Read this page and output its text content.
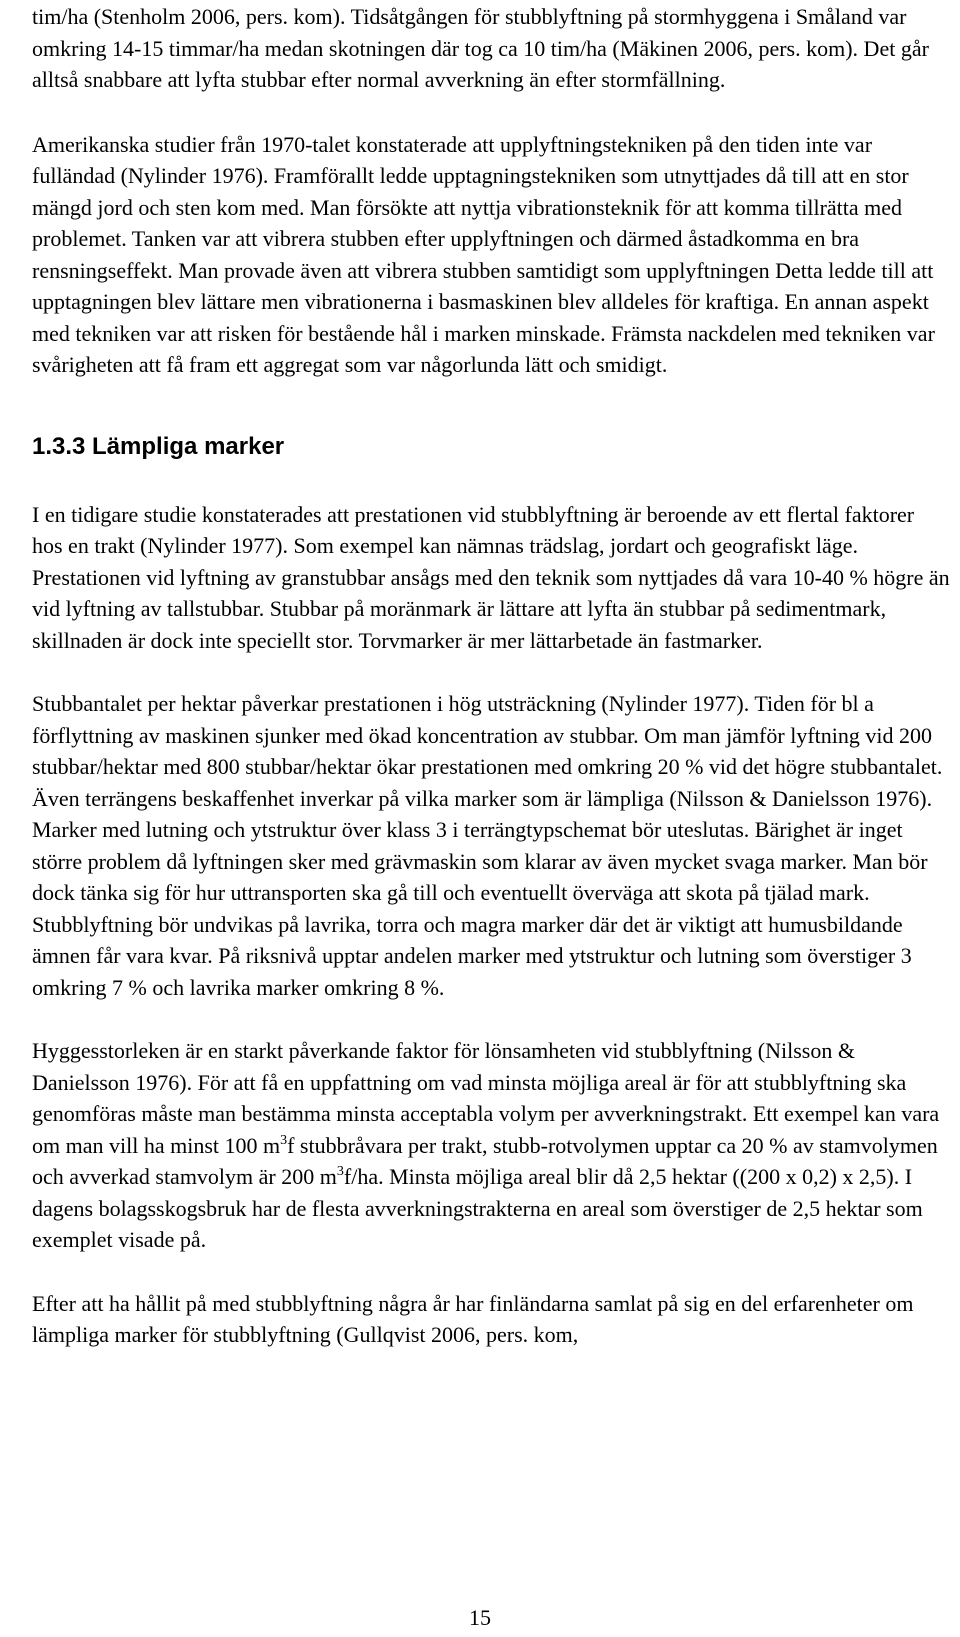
tim/ha (Stenholm 2006, pers. kom). Tidsåtgången för stubblyftning på stormhyggena i Småland var omkring 14-15 timmar/ha medan skotningen där tog ca 10 tim/ha (Mäkinen 2006, pers. kom). Det går alltså snabbare att lyfta stubbar efter normal avverkning än efter stormfällning.

Amerikanska studier från 1970-talet konstaterade att upplyftningstekniken på den tiden inte var fulländad (Nylinder 1976). Framförallt ledde upptagningstekniken som utnyttjades då till att en stor mängd jord och sten kom med. Man försökte att nyttja vibrationsteknik för att komma tillrätta med problemet. Tanken var att vibrera stubben efter upplyftningen och därmed åstadkomma en bra rensningseffekt. Man provade även att vibrera stubben samtidigt som upplyftningen Detta ledde till att upptagningen blev lättare men vibrationerna i basmaskinen blev alldeles för kraftiga. En annan aspekt med tekniken var att risken för bestående hål i marken minskade. Främsta nackdelen med tekniken var svårigheten att få fram ett aggregat som var någorlunda lätt och smidigt.

1.3.3 Lämpliga marker

I en tidigare studie konstaterades att prestationen vid stubblyftning är beroende av ett flertal faktorer hos en trakt (Nylinder 1977). Som exempel kan nämnas trädslag, jordart och geografiskt läge. Prestationen vid lyftning av granstubbar ansågs med den teknik som nyttjades då vara 10-40 % högre än vid lyftning av tallstubbar. Stubbar på moränmark är lättare att lyfta än stubbar på sedimentmark, skillnaden är dock inte speciellt stor. Torvmarker är mer lättarbetade än fastmarker.

Stubbantalet per hektar påverkar prestationen i hög utsträckning (Nylinder 1977). Tiden för bl a förflyttning av maskinen sjunker med ökad koncentration av stubbar. Om man jämför lyftning vid 200 stubbar/hektar med 800 stubbar/hektar ökar prestationen med omkring 20 % vid det högre stubbantalet. Även terrängens beskaffenhet inverkar på vilka marker som är lämpliga (Nilsson & Danielsson 1976). Marker med lutning och ytstruktur över klass 3 i terrängtypschemat bör uteslutas. Bärighet är inget större problem då lyftningen sker med grävmaskin som klarar av även mycket svaga marker. Man bör dock tänka sig för hur uttransporten ska gå till och eventuellt överväga att skota på tjälad mark. Stubblyftning bör undvikas på lavrika, torra och magra marker där det är viktigt att humusbildande ämnen får vara kvar. På riksnivå upptar andelen marker med ytstruktur och lutning som överstiger 3 omkring 7 % och lavrika marker omkring 8 %.

Hyggesstorleken är en starkt påverkande faktor för lönsamheten vid stubblyftning (Nilsson & Danielsson 1976). För att få en uppfattning om vad minsta möjliga areal är för att stubblyftning ska genomföras måste man bestämma minsta acceptabla volym per avverkningstrakt. Ett exempel kan vara om man vill ha minst 100 $m^3f$ stubbråvara per trakt, stubb-rotvolymen upptar ca 20 % av stamvolymen och avverkad stamvolym är 200 $m^3f/ha$. Minsta möjliga areal blir då 2,5 hektar ((200 x 0,2) x 2,5). I dagens bolagsskogsbruk har de flesta avverkningstrakterna en areal som överstiger de 2,5 hektar som exemplet visade på.

Efter att ha hållit på med stubblyftning några år har finländarna samlat på sig en del erfarenheter om lämpliga marker för stubblyftning (Gullqvist 2006, pers. kom,

15
